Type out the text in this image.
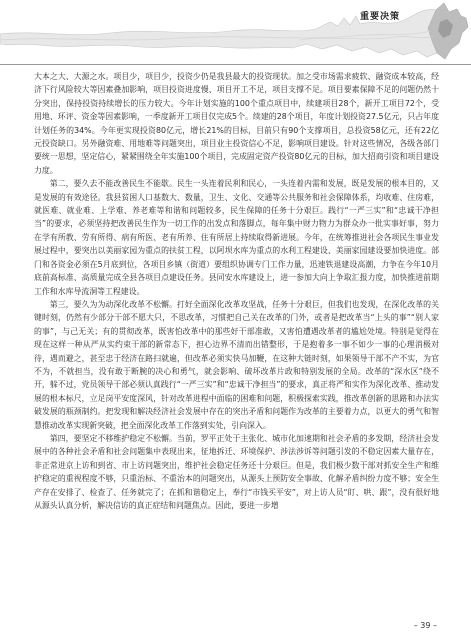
重要决策

大本之大、大源之水。项目少，项目少，投资少仍是我县最大的投资现状。加之受市场需求疲软、融资成本较高，经济下行风险较大等因素叠加影响，项目投资进度慢、项目开工不足，项目支撑不足。项目要素保障不足的问题仍然十分突出，保持投资持续增长的压力较大。今年计划实施的100个重点项目中，续建项目28个，新开工项目72个，受用地、环评、资金等因素影响，一季度新开工项目仅完成5个。续建的28个项目，年度计划投资27.5亿元，只占年度计划任务的34%。今年更实现投资80亿元，增长21%的目标，目前只有90个支撑项目，总投资58亿元，还有22亿元投资缺口。另外融资难、用地难等问题突出，项目业主投资信心不足，影响项目建设。针对这些情况，各级各部门要统一思想，坚定信心，紧紧围绕全年实施100个项目，完成固定资产投资80亿元的目标，加大招商引资和项目建设力度。

第二，要久去不能改善民生不能歇。民生一头连着民利和民心，一头连着内需和发展，既是发展的根本目的，又是发展的有效途径。我县贫困人口基数大、数量，卫生、文化、交通等公共服务和社会保障体系，均收难、住房难，就医难、就业难、上学难、养老难等和谐和问题较多，民生保障的任务十分艰巨。践行“一严三实”和“忠诚干净担当”的要求，必须坚持把改善民生作为一切工作的出发点和落脚点，每年集中财力物力为群众办一批实事好事，努力在学有所教、劳有所得、病有所医、老有所养、住有所居上持续取得新进展。今年，在统筹推进社会各项民生事业发展过程中，要突出以美丽家园为重点的扶贫工程，以阿坝水库为重点的水利工程建设、美丽家园建设要加快进度。部门和各资金必须在5月底到位，各项目乡镇（街道）要组织协调专门工作力量，迅速铁退建设高潮，力争在今年10月底前高标准、高质量完成全县各项目点建设任务。县同安水库建设上，进一参加大向上争取汇报力度，加快推进前期工作和水库导流洞等工程建设。

第三，要久为为动深化改革不松懈。打好全面深化改革攻坚战，任务十分艰巨，但我们也发现，在深化改革的关键时刻，仍然有少部分干部不愿大只，不思改革，习惯把自己关在改革的门外，或者是把改革当“上头的事”“别人家的事”，与己无关；有的贯彻改革，既害怕改革中的那些好干部准敢，又害怕遭遇改革者的尴尬处境。特别是觉得在现在这样一种从严从实约束干部的新常态下，担心边界不清而出错整形，于是抱着多一事不如少一事的心理消极对待，遇而避之，甚至忠于经济在路扫就遍，但改革必须实快马加鞭，在这种大链时刻，如果领导干部不产不实，为官不为，不就担当，没有敢于断腕的决心和勇气，就会影响、破坏改革片政和特别发展的全局。改革的“深水区”绕不开，躲不过，党员领导干部必须认真践行“一严三实”和“忠诚干净担当”的要求，真正将严和实作为深化改革、推动发展的根本标尺，立足岗平安度深风，针对改革进程中面临的困难和问题，积极探索实践，推改革创新的思路和办法实破发展的瓶颈制约。把发现和解决经济社会发展中存在的突出矛盾和问题作为改革的主要着力点，以更大的勇气和智慧推动改革实现新突破，把全面深化改革工作落到实处，引向深入。

第四，要坚定不移维护稳定不松懈。当前，罗平正处于主张化、城市化加速期和社会矛盾的多发期，经济社会发展中的各种社会矛盾和社会问题集中表现出来，征地拆迁、环境保护、涉法涉诉等问题引发的不稳定因素大量存在，非正常进京上访和到省、市上访问题突出，维护社会稳定任务还十分艰巨。但是，我们极少数干部对抓安全生产和维护稳定的重视程度不够，只重治标、不重治本的问题突出，从源头上预防安全事故、化解矛盾纠纷力度不够；安全生产存在安排了、检查了、任务就完了；在抓和谐稳定上，奉行“市钱买平安”，对上访人员“盯、哄、跟”，没有很好地从源头认真分析，解决信访的真正症结和问题焦点。因此，要进一步增

– 39 –
